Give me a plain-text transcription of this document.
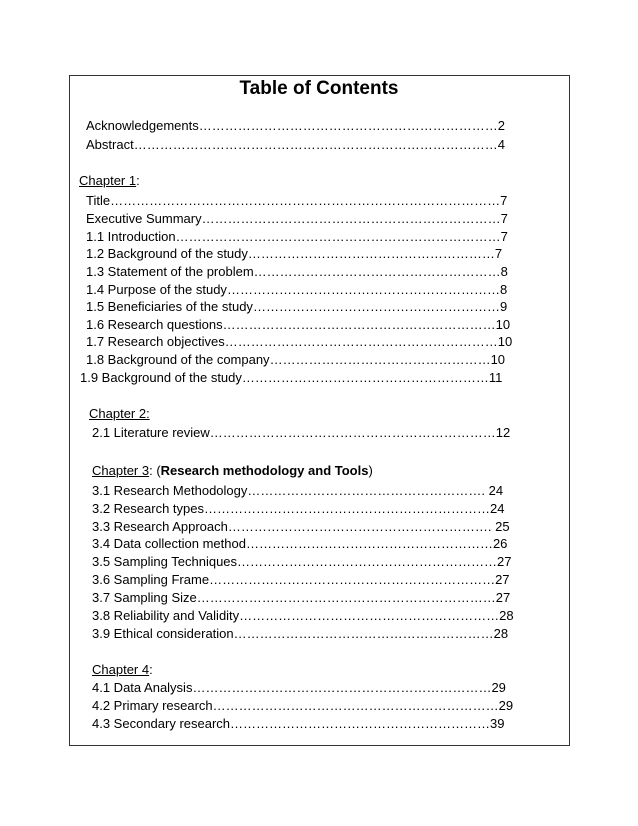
Table of Contents
Acknowledgements……………………………………………………………2
Abstract…………………………………………………………………………4
Chapter 1:
Title………………………………………………………………………………7
Executive Summary……………………………………………………………7
1.1 Introduction…………………………………………………………………7
1.2 Background of the study…………………………………………………7
1.3 Statement of the problem…………………………………………………8
1.4 Purpose of the study………………………………………………………8
1.5 Beneficiaries of the study…………………………………………………9
1.6 Research questions………………………………………………………10
1.7 Research objectives………………………………………………………10
1.8 Background of the company……………………………………………10
1.9 Background of the study…………………………………………………11
Chapter 2:
2.1 Literature review…………………………………………………………12
Chapter 3: (Research methodology and Tools)
3.1 Research Methodology………………………………………………. 24
3.2 Research types…………………………………………………………24
3.3 Research Approach……………………………………………………. 25
3.4 Data collection method…………………………………………………26
3.5 Sampling Techniques……………………………………………………27
3.6 Sampling Frame…………………………………………………………27
3.7 Sampling Size……………………………………………………………27
3.8 Reliability and Validity……………………………………………………28
3.9 Ethical consideration……………………………………………………28
Chapter 4:
4.1 Data Analysis……………………………………………………………29
4.2 Primary research…………………………………………………………29
4.3 Secondary research……………………………………………………39
